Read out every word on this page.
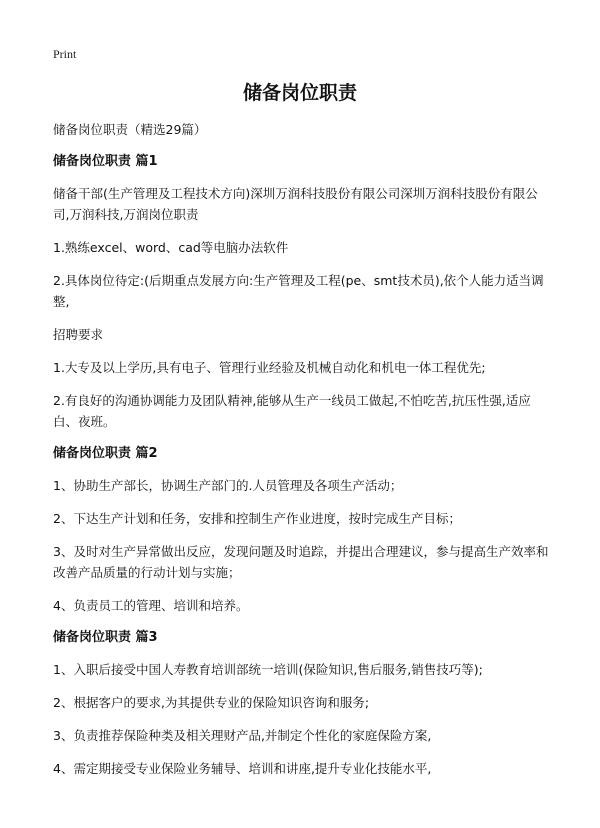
Print
储备岗位职责
储备岗位职责（精选29篇）
储备岗位职责 篇1
储备干部(生产管理及工程技术方向)深圳万润科技股份有限公司深圳万润科技股份有限公司,万润科技,万润岗位职责
1.熟练excel、word、cad等电脑办法软件
2.具体岗位待定:(后期重点发展方向:生产管理及工程(pe、smt技术员),依个人能力适当调整,
招聘要求
1.大专及以上学历,具有电子、管理行业经验及机械自动化和机电一体工程优先;
2.有良好的沟通协调能力及团队精神,能够从生产一线员工做起,不怕吃苦,抗压性强,适应白、夜班。
储备岗位职责 篇2
1、协助生产部长，协调生产部门的.人员管理及各项生产活动；
2、下达生产计划和任务，安排和控制生产作业进度，按时完成生产目标；
3、及时对生产异常做出反应，发现问题及时追踪，并提出合理建议，参与提高生产效率和改善产品质量的行动计划与实施；
4、负责员工的管理、培训和培养。
储备岗位职责 篇3
1、入职后接受中国人寿教育培训部统一培训(保险知识,售后服务,销售技巧等);
2、根据客户的要求,为其提供专业的保险知识咨询和服务;
3、负责推荐保险种类及相关理财产品,并制定个性化的家庭保险方案,
4、需定期接受专业保险业务辅导、培训和讲座,提升专业化技能水平,
